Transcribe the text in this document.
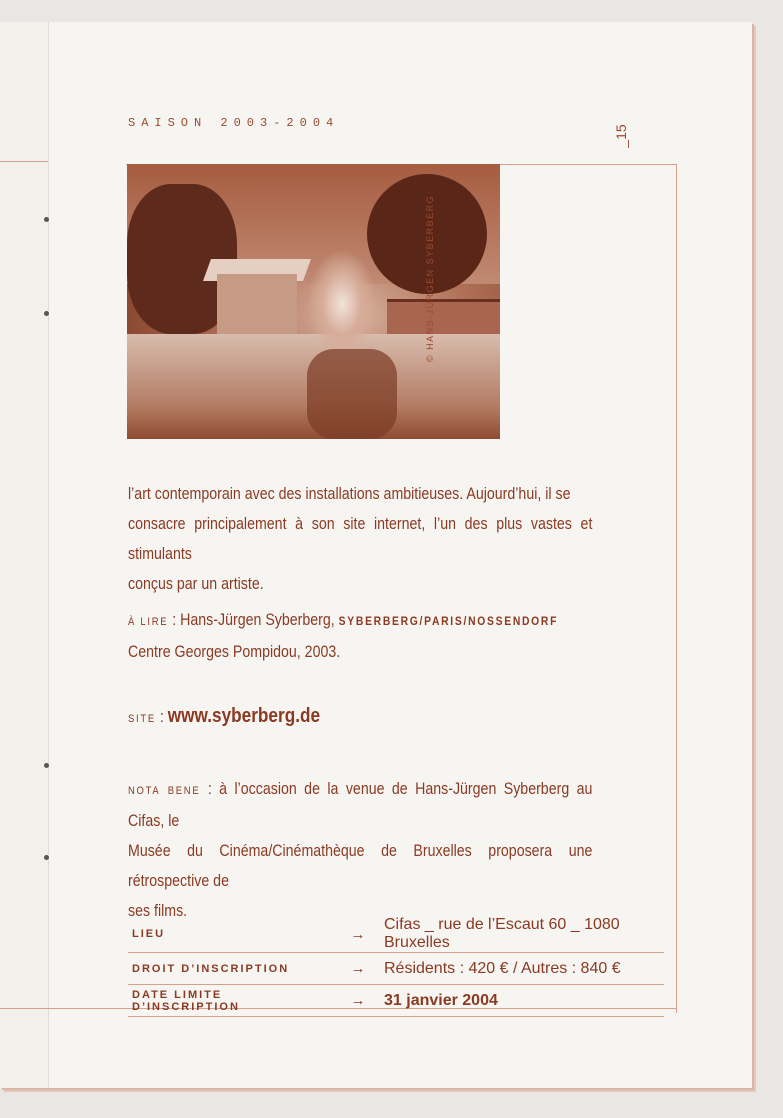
SAISON 2003-2004
_15
© HANS-JÜRGEN SYBERBERG
l’art contemporain avec des installations ambitieuses. Aujourd’hui, il se
consacre principalement à son site internet, l’un des plus vastes et stimulants
conçus par un artiste.
À LIRE : Hans-Jürgen Syberberg, SYBERBERG/PARIS/NOSSENDORF
Centre Georges Pompidou, 2003.
SITE : www.syberberg.de
NOTA BENE : à l’occasion de la venue de Hans-Jürgen Syberberg au Cifas, le
Musée du Cinéma/Cinémathèque de Bruxelles proposera une rétrospective de
ses films.
LIEU	→	Cifas _ rue de l’Escaut 60 _ 1080 Bruxelles
DROIT D’INSCRIPTION	→	Résidents : 420 € / Autres : 840 €
DATE LIMITE D’INSCRIPTION	→	31 janvier 2004
